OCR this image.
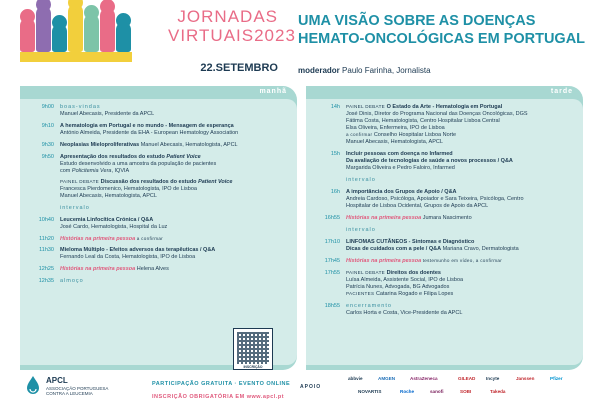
JORNADAS
VIRTUAIS2023
22.SETEMBRO
UMA VISÃO SOBRE AS DOENÇAS
HEMATO-ONCOLÓGICAS EM PORTUGAL
moderador Paulo Farinha, Jornalista
manhã
9h00 boas-vindas
Manuel Abecasis, Presidente da APCL
9h10 A hematologia em Portugal e no mundo - Mensagem de esperança
António Almeida, Presidente da EHA - European Hematology Association
9h30 Neoplasias Mieloproliferativas Manuel Abecasis, Hematologista, APCL
9h50 Apresentação dos resultados do estudo Patient Voice
Estudo desenvolvido a uma amostra da população de pacientes
com Policitemia Vera, IQVIA
PAINEL DEBATE Discussão dos resultados do estudo Patient Voice
Francesca Pierdomenico, Hematologista, IPO de Lisboa
Manuel Abecasis, Hematologista, APCL
intervalo
10h40 Leucemia Linfocítica Crónica / Q&A
José Cardo, Hematologista, Hospital da Luz
11h20 Histórias na primeira pessoa a confirmar
11h30 Mieloma Múltiplo - Efeitos adversos das terapêuticas / Q&A
Fernando Leal da Costa, Hematologista, IPO de Lisboa
12h25 Histórias na primeira pessoa Helena Alves
12h35 almoço
INSCRIÇÃO
tarde
14h PAINEL DEBATE O Estado da Arte - Hematologia em Portugal
José Dinis, Diretor do Programa Nacional das Doenças Oncológicas, DGS
Fátima Costa, Hematologista, Centro Hospitalar Lisboa Central
Elsa Oliveira, Enfermeira, IPO de Lisboa
a confirmar Conselho Hospitalar Lisboa Norte
Manuel Abecasis, Hematologista, APCL
15h Incluir pessoas com doença no Infarmed
Da avaliação de tecnologias de saúde a novos processos / Q&A
Margarida Oliveira e Pedro Faloiro, Infarmed
intervalo
16h A importância dos Grupos de Apoio / Q&A
Andreia Cardoso, Psicóloga, Apoiador e Sara Teixeira, Psicóloga, Centro
Hospitalar de Lisboa Ocidental, Grupos de Apoio da APCL
16h55 Histórias na primeira pessoa Jumara Nascimento
intervalo
17h10 LINFOMAS CUTÂNEOS - Sintomas e Diagnóstico
Dicas de cuidados com a pele / Q&A Mariana Cravo, Dermatologista
17h45 Histórias na primeira pessoa testemunho em vídeo, a confirmar
17h55 PAINEL DEBATE Direitos dos doentes
Luísa Almeida, Assistente Social, IPO de Lisboa
Patrícia Nunes, Advogada, BG Advogados
PACIENTES Catarina Rogado e Filipa Lopes
18h55 encerramento
Carlos Horta e Costa, Vice-Presidente da APCL
APCL
ASSOCIAÇÃO PORTUGUESA
CONTRA A LEUCEMIA
PARTICIPAÇÃO GRATUITA · EVENTO ONLINE
INSCRIÇÃO OBRIGATÓRIA EM www.apcl.pt
APOIO
abbvie	AMGEN	AstraZeneca	GILEAD Incyte	Janssen	Pfizer
NOVARTIS	Roche	sanofi	SOBI	Takeda
